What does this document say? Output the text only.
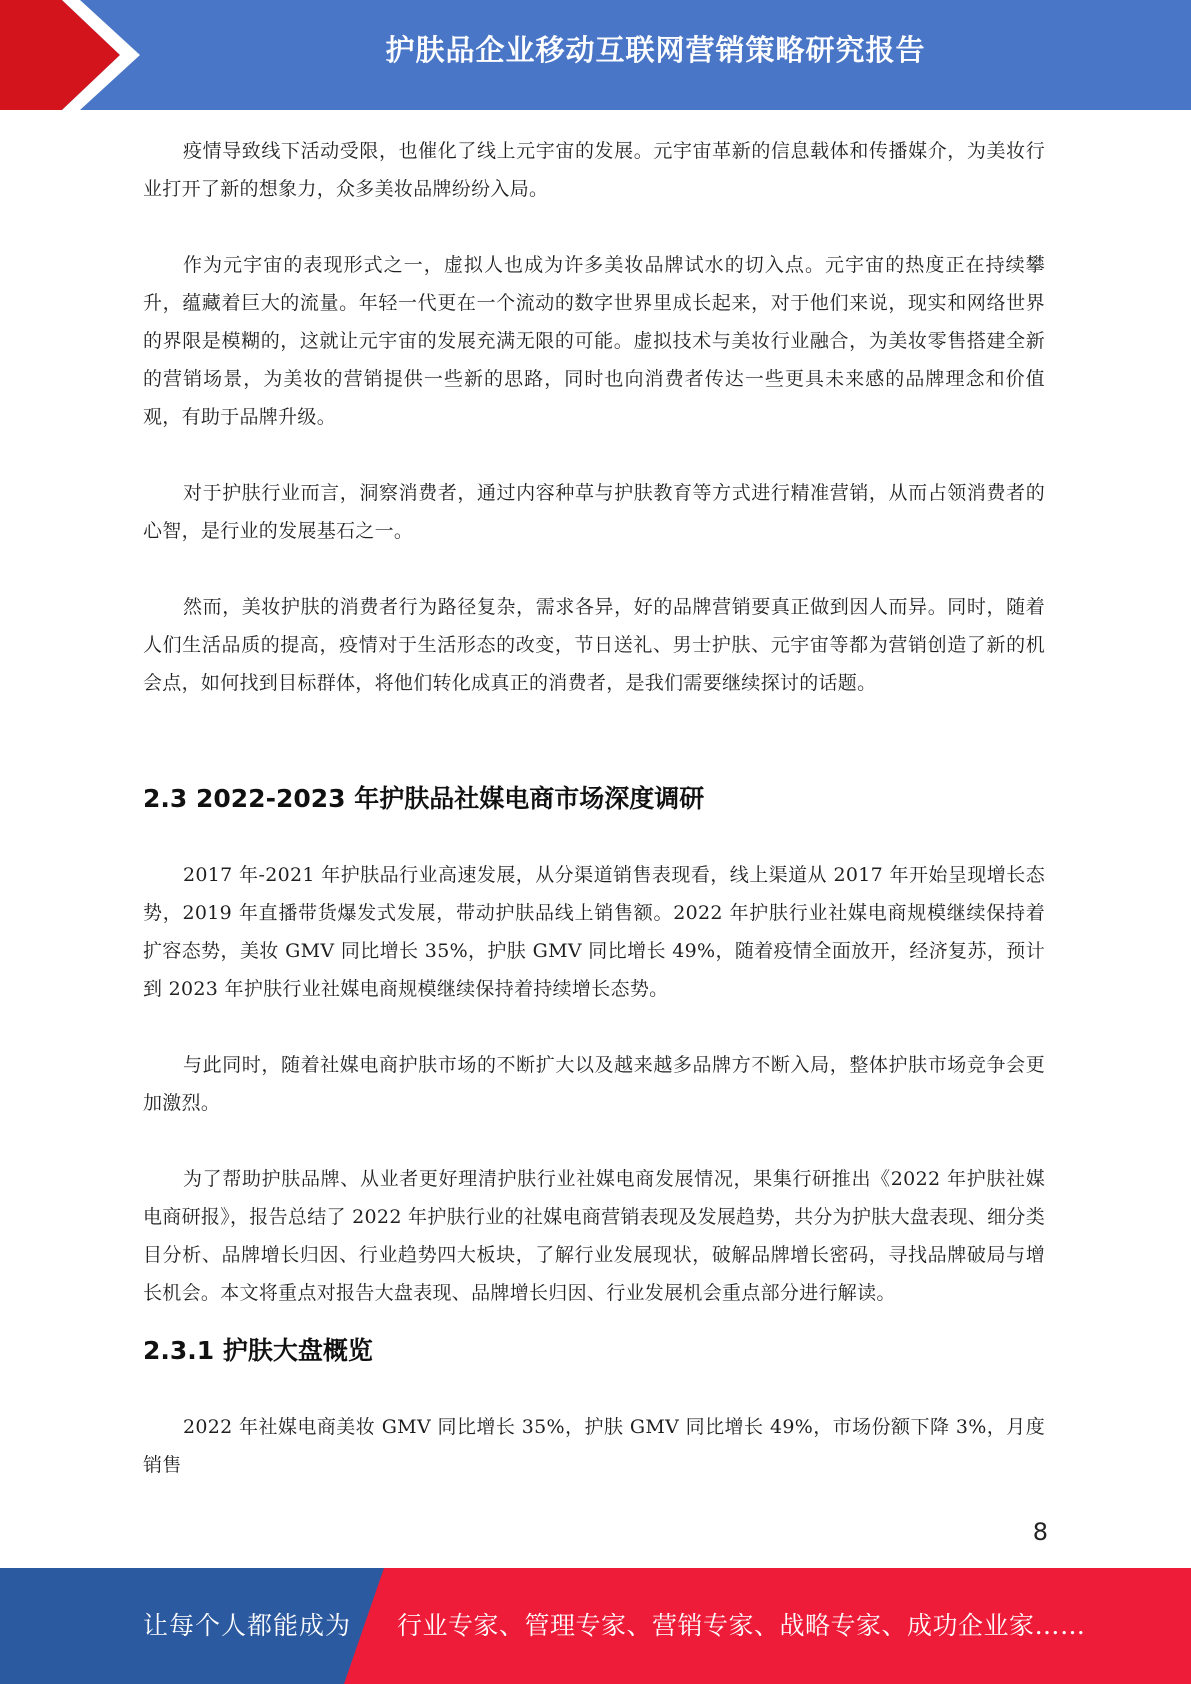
护肤品企业移动互联网营销策略研究报告

疫情导致线下活动受限，也催化了线上元宇宙的发展。元宇宙革新的信息载体和传播媒介，为美妆行业打开了新的想象力，众多美妆品牌纷纷入局。

作为元宇宙的表现形式之一，虚拟人也成为许多美妆品牌试水的切入点。元宇宙的热度正在持续攀升，蕴藏着巨大的流量。年轻一代更在一个流动的数字世界里成长起来，对于他们来说，现实和网络世界的界限是模糊的，这就让元宇宙的发展充满无限的可能。虚拟技术与美妆行业融合，为美妆零售搭建全新的营销场景，为美妆的营销提供一些新的思路，同时也向消费者传达一些更具未来感的品牌理念和价值观，有助于品牌升级。

对于护肤行业而言，洞察消费者，通过内容种草与护肤教育等方式进行精准营销，从而占领消费者的心智，是行业的发展基石之一。

然而，美妆护肤的消费者行为路径复杂，需求各异，好的品牌营销要真正做到因人而异。同时，随着人们生活品质的提高，疫情对于生活形态的改变，节日送礼、男士护肤、元宇宙等都为营销创造了新的机会点，如何找到目标群体，将他们转化成真正的消费者，是我们需要继续探讨的话题。

2.3 2022-2023 年护肤品社媒电商市场深度调研

2017 年-2021 年护肤品行业高速发展，从分渠道销售表现看，线上渠道从 2017 年开始呈现增长态势，2019 年直播带货爆发式发展，带动护肤品线上销售额。2022 年护肤行业社媒电商规模继续保持着扩容态势，美妆 GMV 同比增长 35%，护肤 GMV 同比增长 49%，随着疫情全面放开，经济复苏，预计到 2023 年护肤行业社媒电商规模继续保持着持续增长态势。

与此同时，随着社媒电商护肤市场的不断扩大以及越来越多品牌方不断入局，整体护肤市场竞争会更加激烈。

为了帮助护肤品牌、从业者更好理清护肤行业社媒电商发展情况，果集行研推出《2022 年护肤社媒电商研报》，报告总结了 2022 年护肤行业的社媒电商营销表现及发展趋势，共分为护肤大盘表现、细分类目分析、品牌增长归因、行业趋势四大板块，了解行业发展现状，破解品牌增长密码，寻找品牌破局与增长机会。本文将重点对报告大盘表现、品牌增长归因、行业发展机会重点部分进行解读。

2.3.1 护肤大盘概览

2022 年社媒电商美妆 GMV 同比增长 35%，护肤 GMV 同比增长 49%，市场份额下降 3%，月度销售

8
让每个人都能成为 行业专家、管理专家、营销专家、战略专家、成功企业家……
